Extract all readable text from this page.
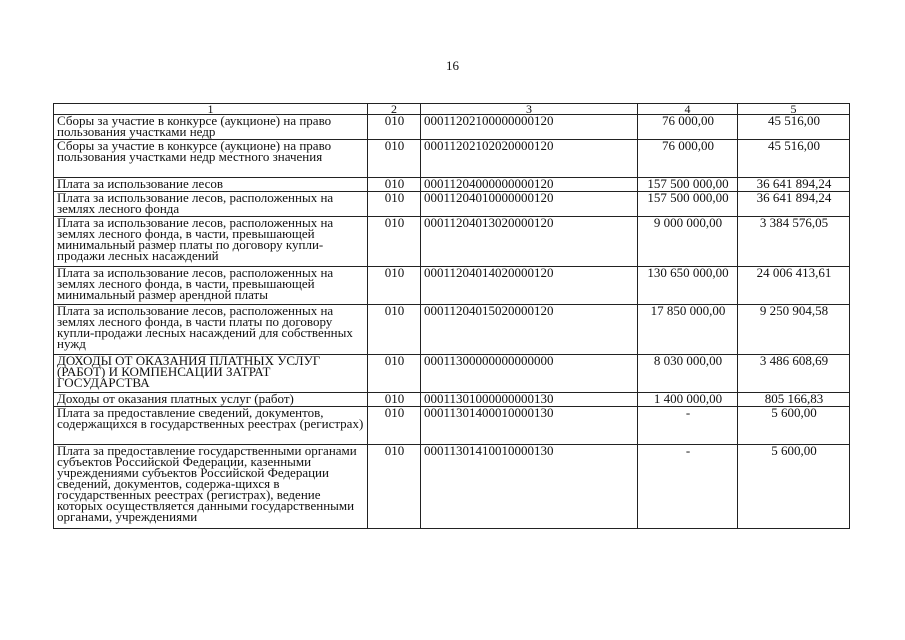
16
1	2	3	4	5
Сборы за участие в конкурсе (аукционе) на право пользования участками недр	010	00011202100000000120	76 000,00	45 516,00
Сборы за участие в конкурсе (аукционе) на право пользования участками недр местного значения	010	00011202102020000120	76 000,00	45 516,00
Плата за использование лесов	010	00011204000000000120	157 500 000,00	36 641 894,24
Плата за использование лесов, расположенных на землях лесного фонда	010	00011204010000000120	157 500 000,00	36 641 894,24
Плата за использование лесов, расположенных на землях лесного фонда, в части, превышающей минимальный размер платы по договору купли-продажи лесных насаждений	010	00011204013020000120	9 000 000,00	3 384 576,05
Плата за использование лесов, расположенных на землях лесного фонда, в части, превышающей минимальный размер арендной платы	010	00011204014020000120	130 650 000,00	24 006 413,61
Плата за использование лесов, расположенных на землях лесного фонда, в части платы по договору купли-продажи лесных насаждений для собственных нужд	010	00011204015020000120	17 850 000,00	9 250 904,58
ДОХОДЫ ОТ ОКАЗАНИЯ ПЛАТНЫХ УСЛУГ (РАБОТ) И КОМПЕНСАЦИИ ЗАТРАТ ГОСУДАРСТВА	010	00011300000000000000	8 030 000,00	3 486 608,69
Доходы от оказания платных услуг (работ)	010	00011301000000000130	1 400 000,00	805 166,83
Плата за предоставление сведений, документов, содержащихся в государственных реестрах (регистрах)	010	00011301400010000130	-	5 600,00
Плата за предоставление государственными органами субъектов Российской Федерации, казенными учреждениями субъектов Российской Федерации сведений, документов, содержа-щихся в государственных реестрах (регистрах), ведение которых осуществляется данными государственными органами, учреждениями	010	00011301410010000130	-	5 600,00
